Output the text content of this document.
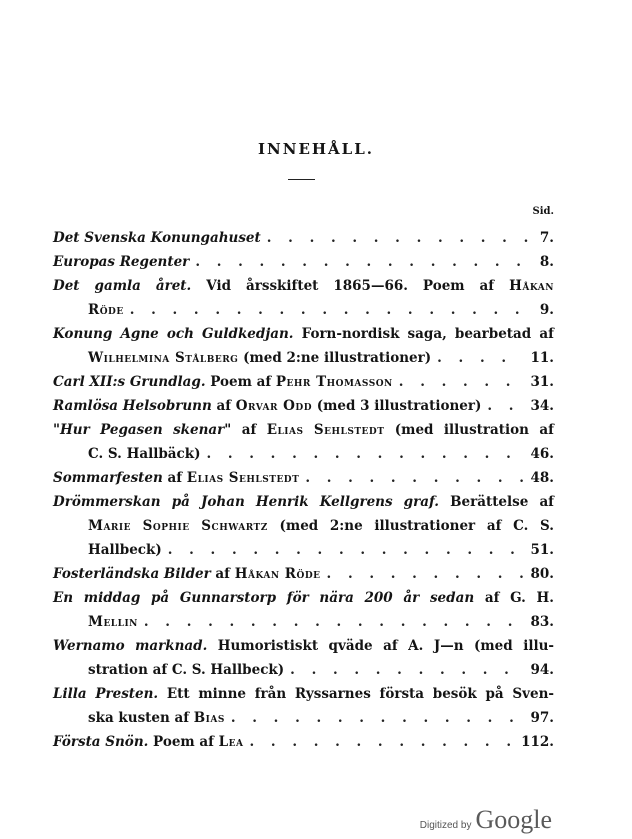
INNEHÅLL.
Sid.
Det Svenska Konungahuset . . .	7.
Europas Regenter . . .	8.
Det gamla året. Vid årsskiftet 1865—66. Poem af Håkan
Röde . . .	9.
Konung Agne och Guldkedjan. Forn-nordisk saga, bearbetad af
Wilhelmina Stålberg (med 2:ne illustrationer) . . .	11.
Carl XII:s Grundlag. Poem af Pehr Thomasson . . .	31.
Ramlösa Helsobrunn af Orvar Odd (med 3 illustrationer) . . .	34.
"Hur Pegasen skenar" af Elias Sehlstedt (med illustration af
C. S. Hallbäck) . . .	46.
Sommarfesten af Elias Sehlstedt . . .	48.
Drömmerskan på Johan Henrik Kellgrens graf. Berättelse af
Marie Sophie Schwartz (med 2:ne illustrationer af C. S.
Hallbeck) . . .	51.
Fosterländska Bilder af Håkan Röde . . .	80.
En middag på Gunnarstorp för nära 200 år sedan af G. H.
Mellin . . .	83.
Wernamo marknad. Humoristiskt qväde af A. J—n (med illu-
stration af C. S. Hallbeck) . . .	94.
Lilla Presten. Ett minne från Ryssarnes första besök på Sven-
ska kusten af Bias . . .	97.
Första Snön. Poem af Lea . . .	112.
Digitized by Google
